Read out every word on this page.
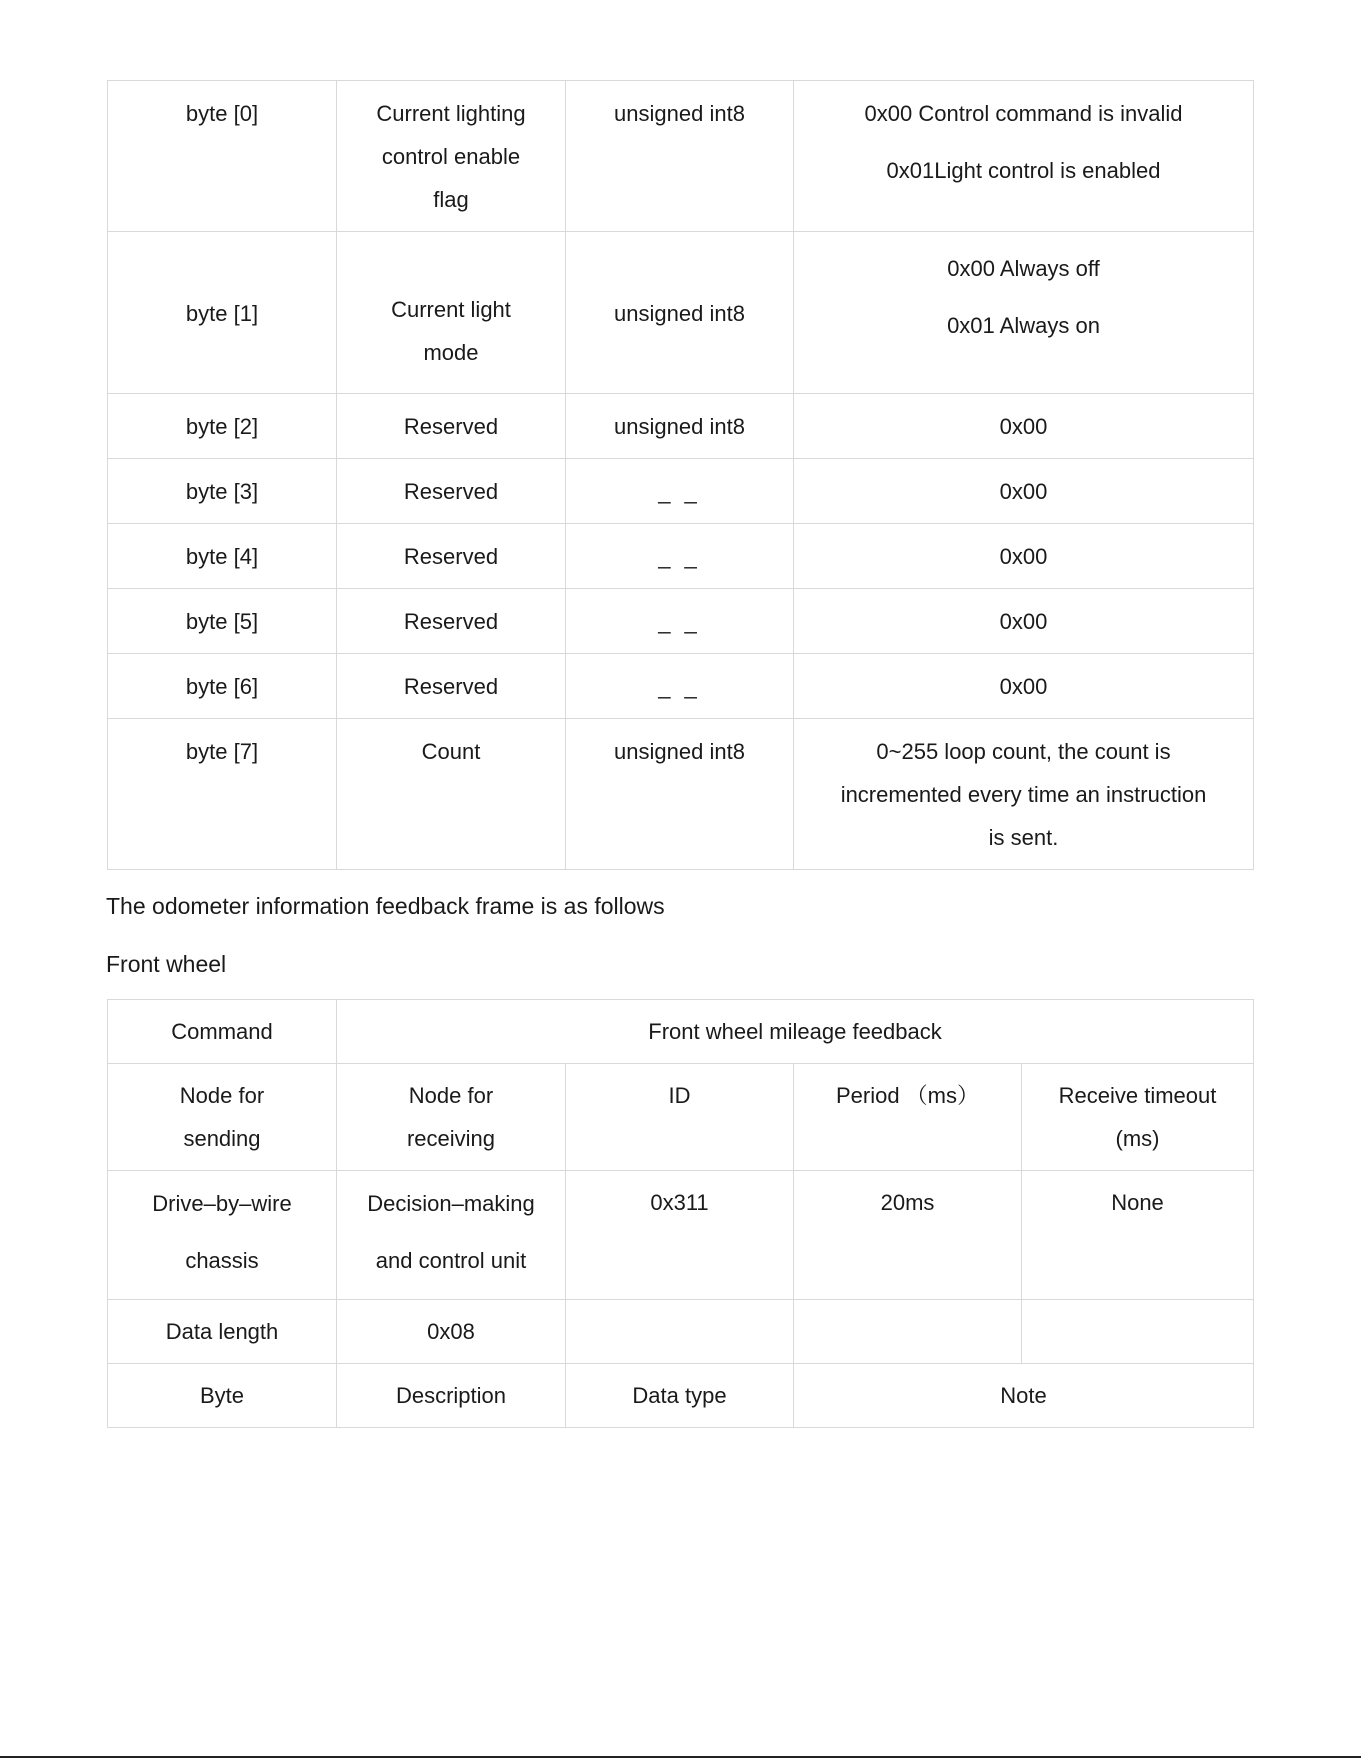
byte [0]	Current lighting
control enable
flag	unsigned int8	0x00 Control command is invalid
0x01Light control is enabled

byte [1]	Current light
mode	unsigned int8	0x00 Always off
0x01 Always on

byte [2]	Reserved	unsigned int8	0x00
byte [3]	Reserved	_ _	0x00
byte [4]	Reserved	_ _	0x00
byte [5]	Reserved	_ _	0x00
byte [6]	Reserved	_ _	0x00
byte [7]	Count	unsigned int8	0~255 loop count, the count is
incremented every time an instruction
is sent.
The odometer information feedback frame is as follows
Front wheel
Command	Front wheel mileage feedback			

Node for
sending	Node for
receiving	ID	Period （ms）	Receive timeout
(ms)

Drive–by–wire
chassis	Decision–making
and control unit	0x311	20ms	None
Data length	0x08			
Byte	Description	Data type	Note	
